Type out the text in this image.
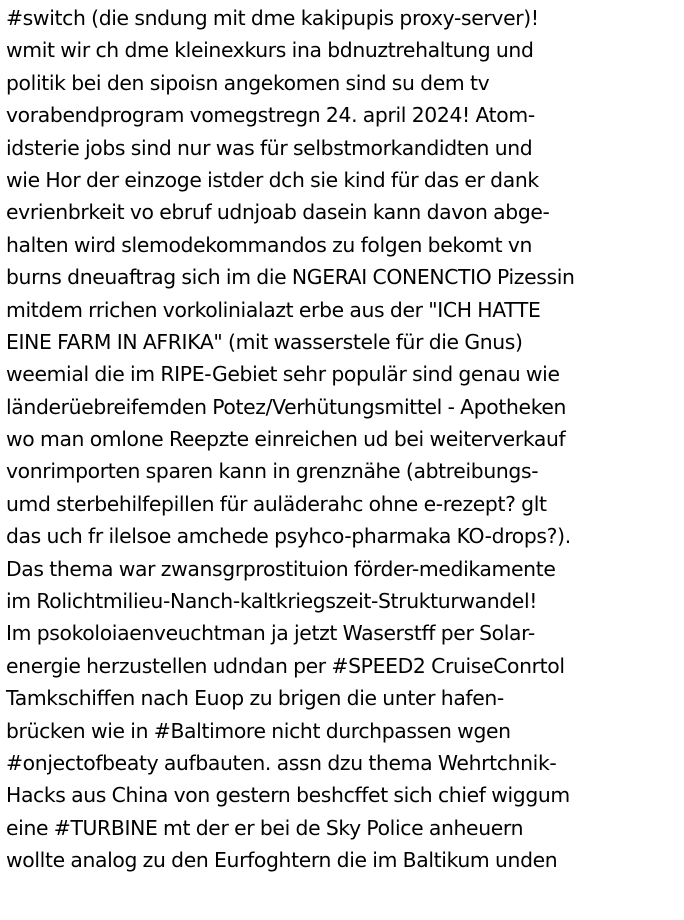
#switch (die sndung mit dme kakipupis proxy-server)!
wmit wir ch dme kleinexkurs ina bdnuztrehaltung und
politik bei den sipoisn angekomen sind su dem tv
vorabendprogram vomegstregn 24. april 2024! Atom-
idsterie jobs sind nur was für selbstmorkandidten und
wie Hor der einzoge istder dch sie kind für das er dank
evrienbrkeit vo ebruf udnjoab dasein kann davon abge-
halten wird slemodekommandos zu folgen bekomt vn
burns dneuaftrag sich im die NGERAI CONENCTIO Pizessin
mitdem rrichen vorkolinialazt erbe aus der "ICH HATTE
EINE FARM IN AFRIKA" (mit wasserstele für die Gnus)
weemial die im RIPE-Gebiet sehr populär sind genau wie
länderüebreifemden Potez/Verhütungsmittel - Apotheken
wo man omlone Reepzte einreichen ud bei weiterverkauf
vonrimporten sparen kann in grenznähe (abtreibungs-
umd sterbehilfepillen für auläderahc ohne e-rezept? glt
das uch fr ilelsoe amchede psyhco-pharmaka KO-drops?).
Das thema war zwansgrprostituion förder-medikamente
im Rolichtmilieu-Nanch-kaltkriegszeit-Strukturwandel!
Im psokoloiaenveuchtman ja jetzt Waserstff per Solar-
energie herzustellen udndan per #SPEED2 CruiseConrtol
Tamkschiffen nach Euop zu brigen die unter hafen-
brücken wie in #Baltimore nicht durchpassen wgen
#onjectofbeaty aufbauten. assn dzu thema Wehrtchnik-
Hacks aus China von gestern beshcffet sich chief wiggum
eine #TURBINE mt der er bei de Sky Police anheuern
wollte analog zu den Eurfoghtern die im Baltikum unden
